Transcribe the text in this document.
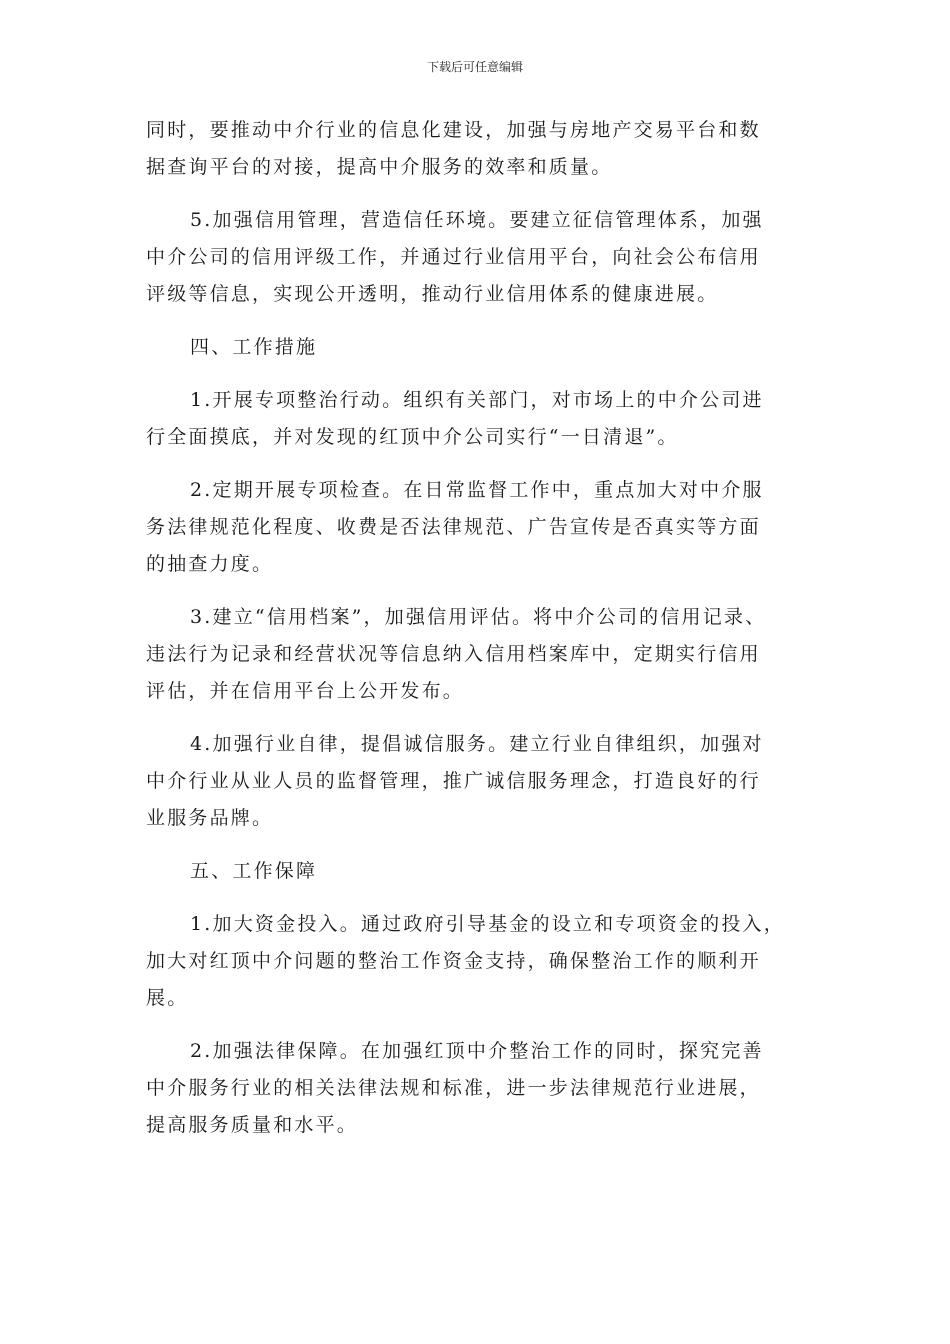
下载后可任意编辑

同时，要推动中介行业的信息化建设，加强与房地产交易平台和数
据查询平台的对接，提高中介服务的效率和质量。

5.加强信用管理，营造信任环境。要建立征信管理体系，加强
中介公司的信用评级工作，并通过行业信用平台，向社会公布信用
评级等信息，实现公开透明，推动行业信用体系的健康进展。

四、工作措施

1.开展专项整治行动。组织有关部门，对市场上的中介公司进
行全面摸底，并对发现的红顶中介公司实行“一日清退”。

2.定期开展专项检查。在日常监督工作中，重点加大对中介服
务法律规范化程度、收费是否法律规范、广告宣传是否真实等方面
的抽查力度。

3.建立“信用档案”，加强信用评估。将中介公司的信用记录、
违法行为记录和经营状况等信息纳入信用档案库中，定期实行信用
评估，并在信用平台上公开发布。

4.加强行业自律，提倡诚信服务。建立行业自律组织，加强对
中介行业从业人员的监督管理，推广诚信服务理念，打造良好的行
业服务品牌。

五、工作保障

1.加大资金投入。通过政府引导基金的设立和专项资金的投入，
加大对红顶中介问题的整治工作资金支持，确保整治工作的顺利开
展。

2.加强法律保障。在加强红顶中介整治工作的同时，探究完善
中介服务行业的相关法律法规和标准，进一步法律规范行业进展，
提高服务质量和水平。
